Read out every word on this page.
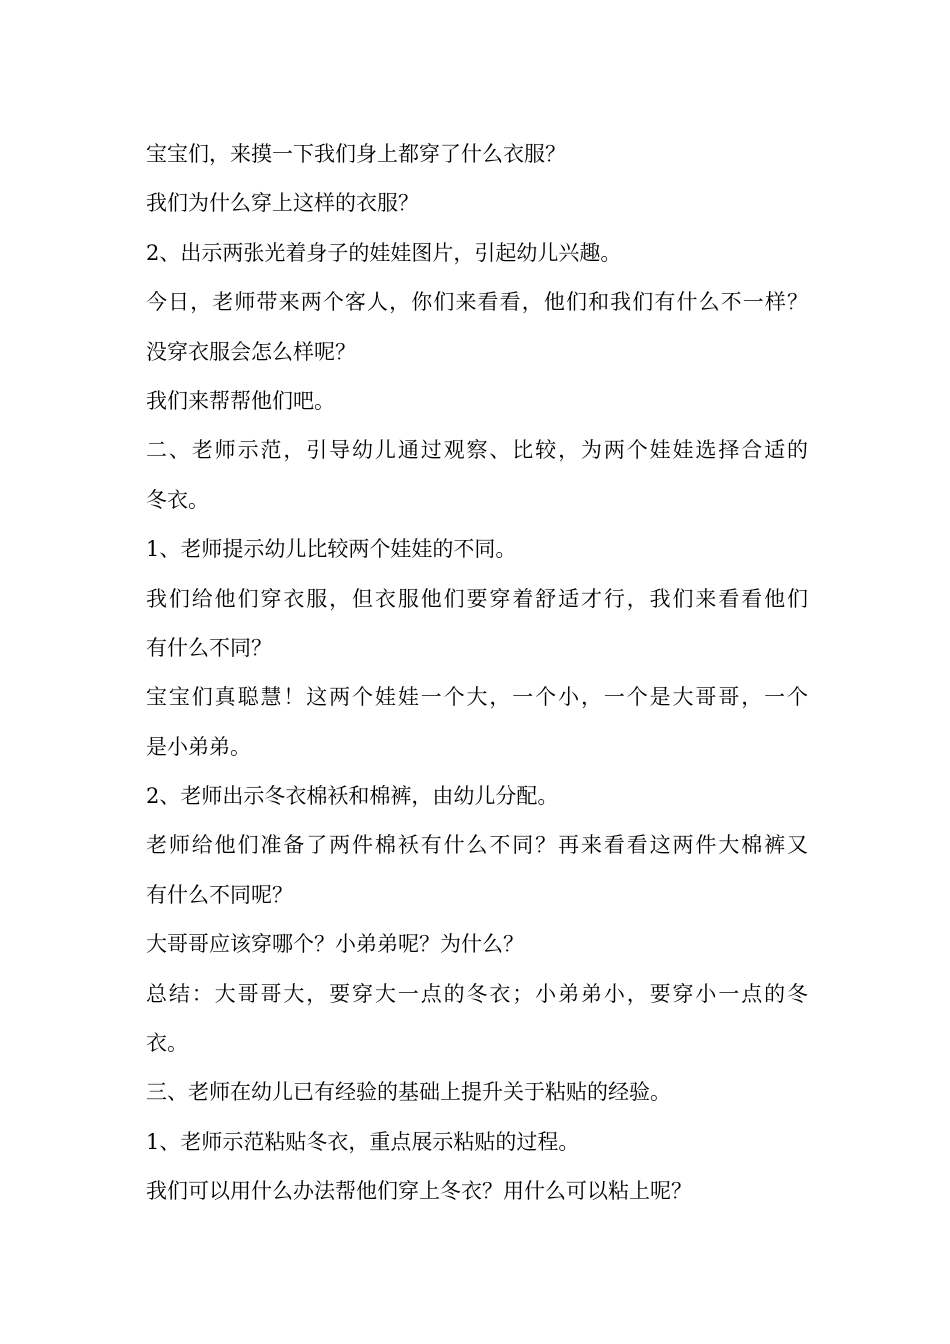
宝宝们，来摸一下我们身上都穿了什么衣服？
我们为什么穿上这样的衣服？
2、出示两张光着身子的娃娃图片，引起幼儿兴趣。
今日，老师带来两个客人，你们来看看，他们和我们有什么不一样？
没穿衣服会怎么样呢？
我们来帮帮他们吧。
二、老师示范，引导幼儿通过观察、比较，为两个娃娃选择合适的
冬衣。
1、老师提示幼儿比较两个娃娃的不同。
我们给他们穿衣服，但衣服他们要穿着舒适才行，我们来看看他们
有什么不同？
宝宝们真聪慧！这两个娃娃一个大，一个小，一个是大哥哥，一个
是小弟弟。
2、老师出示冬衣棉袄和棉裤，由幼儿分配。
老师给他们准备了两件棉袄有什么不同？再来看看这两件大棉裤又
有什么不同呢？
大哥哥应该穿哪个？小弟弟呢？为什么？
总结：大哥哥大，要穿大一点的冬衣；小弟弟小，要穿小一点的冬
衣。
三、老师在幼儿已有经验的基础上提升关于粘贴的经验。
1、老师示范粘贴冬衣，重点展示粘贴的过程。
我们可以用什么办法帮他们穿上冬衣？用什么可以粘上呢？
